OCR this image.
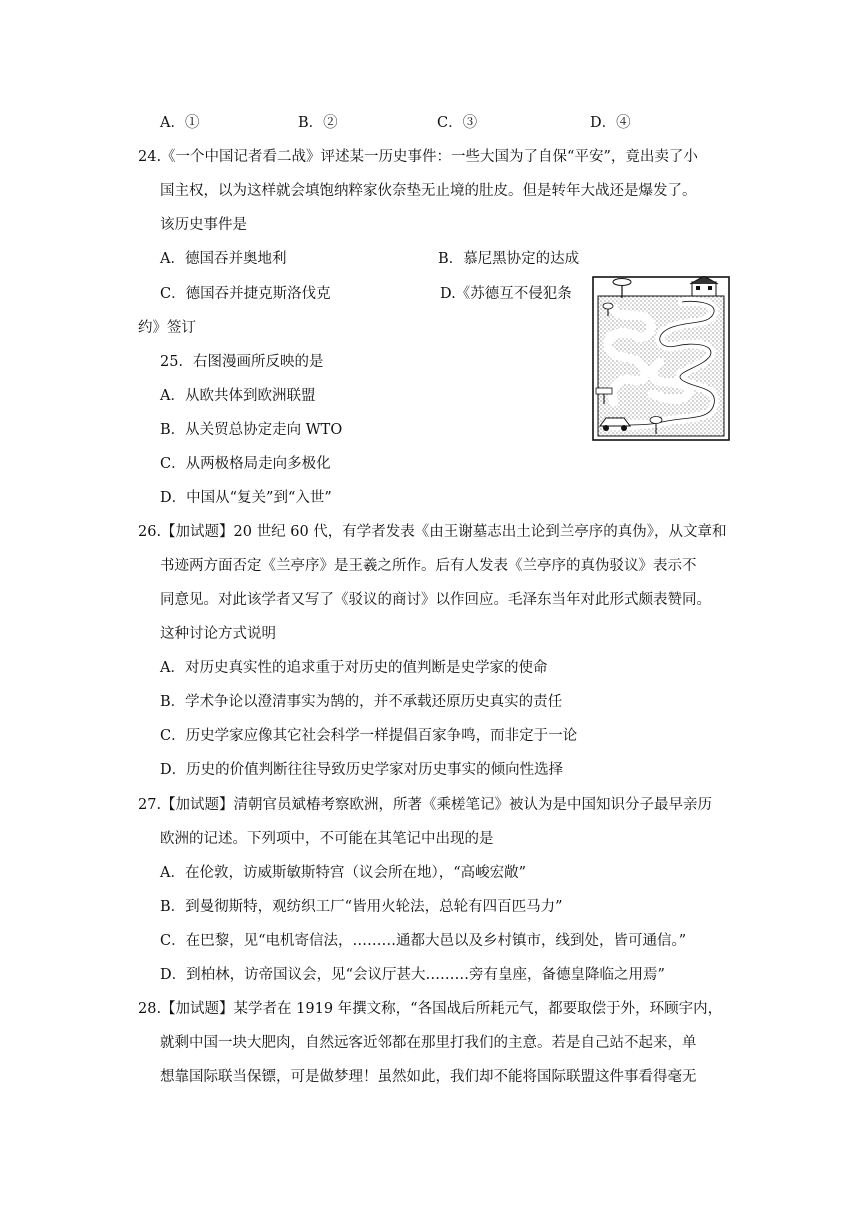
A．①	B．②	C．③	D．④
24.《一个中国记者看二战》评述某一历史事件：一些大国为了自保“平安”，竟出卖了小
国主权，以为这样就会填饱纳粹家伙奈垫无止境的肚皮。但是转年大战还是爆发了。
该历史事件是
A．德国吞并奥地利	B．慕尼黑协定的达成
C．德国吞并捷克斯洛伐克	D.《苏德互不侵犯条
约》签订
25．右图漫画所反映的是
A．从欧共体到欧洲联盟
B．从关贸总协定走向 WTO
C．从两极格局走向多极化
D．中国从“复关”到“入世”
26.【加试题】20 世纪 60 代，有学者发表《由王谢墓志出土论到兰亭序的真伪》，从文章和
书迹两方面否定《兰亭序》是王羲之所作。后有人发表《兰亭序的真伪驳议》表示不
同意见。对此该学者又写了《驳议的商讨》以作回应。毛泽东当年对此形式颇表赞同。
这种讨论方式说明
A．对历史真实性的追求重于对历史的值判断是史学家的使命
B．学术争论以澄清事实为鹄的，并不承载还原历史真实的责任
C．历史学家应像其它社会科学一样提倡百家争鸣，而非定于一论
D．历史的价值判断往往导致历史学家对历史事实的倾向性选择
27.【加试题】清朝官员斌椿考察欧洲，所著《乘槎笔记》被认为是中国知识分子最早亲历
欧洲的记述。下列项中，不可能在其笔记中出现的是
A．在伦敦，访威斯敏斯特宫（议会所在地），“高峻宏敞”
B．到曼彻斯特，观纺织工厂“皆用火轮法，总轮有四百匹马力”
C．在巴黎，见“电机寄信法，………通都大邑以及乡村镇市，线到处，皆可通信。”
D．到柏林，访帝国议会，见“会议厅甚大………旁有皇座，备德皇降临之用焉”
28.【加试题】某学者在 1919 年撰文称，“各国战后所耗元气，都要取偿于外，环顾宇内，
就剩中国一块大肥肉，自然远客近邻都在那里打我们的主意。若是自己站不起来，单
想靠国际联当保镖，可是做梦理！虽然如此，我们却不能将国际联盟这件事看得毫无
